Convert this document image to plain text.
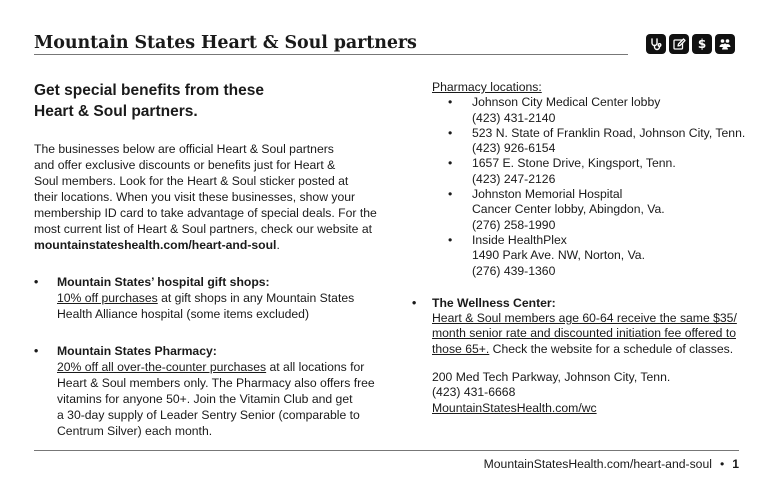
Mountain States Heart & Soul partners	$
Get special benefits from these
Heart & Soul partners.
The businesses below are official Heart & Soul partners
and offer exclusive discounts or benefits just for Heart &
Soul members. Look for the Heart & Soul sticker posted at
their locations. When you visit these businesses, show your
membership ID card to take advantage of special deals. For the
most current list of Heart & Soul partners, check our website at
mountainstateshealth.com/heart-and-soul.
• Mountain States’ hospital gift shops:
10% off purchases at gift shops in any Mountain States
Health Alliance hospital (some items excluded)
• Mountain States Pharmacy:
20% off all over-the-counter purchases at all locations for
Heart & Soul members only. The Pharmacy also offers free
vitamins for anyone 50+. Join the Vitamin Club and get
a 30-day supply of Leader Sentry Senior (comparable to
Centrum Silver) each month.
Pharmacy locations:
• Johnson City Medical Center lobby
(423) 431-2140
• 523 N. State of Franklin Road, Johnson City, Tenn.
(423) 926-6154
• 1657 E. Stone Drive, Kingsport, Tenn.
(423) 247-2126
• Johnston Memorial Hospital
Cancer Center lobby, Abingdon, Va.
(276) 258-1990
• Inside HealthPlex
1490 Park Ave. NW, Norton, Va.
(276) 439-1360
• The Wellness Center:
Heart & Soul members age 60-64 receive the same $35/
month senior rate and discounted initiation fee offered to
those 65+. Check the website for a schedule of classes.
200 Med Tech Parkway, Johnson City, Tenn.
(423) 431-6668
MountainStatesHealth.com/wc
MountainStatesHealth.com/heart-and-soul • 1
